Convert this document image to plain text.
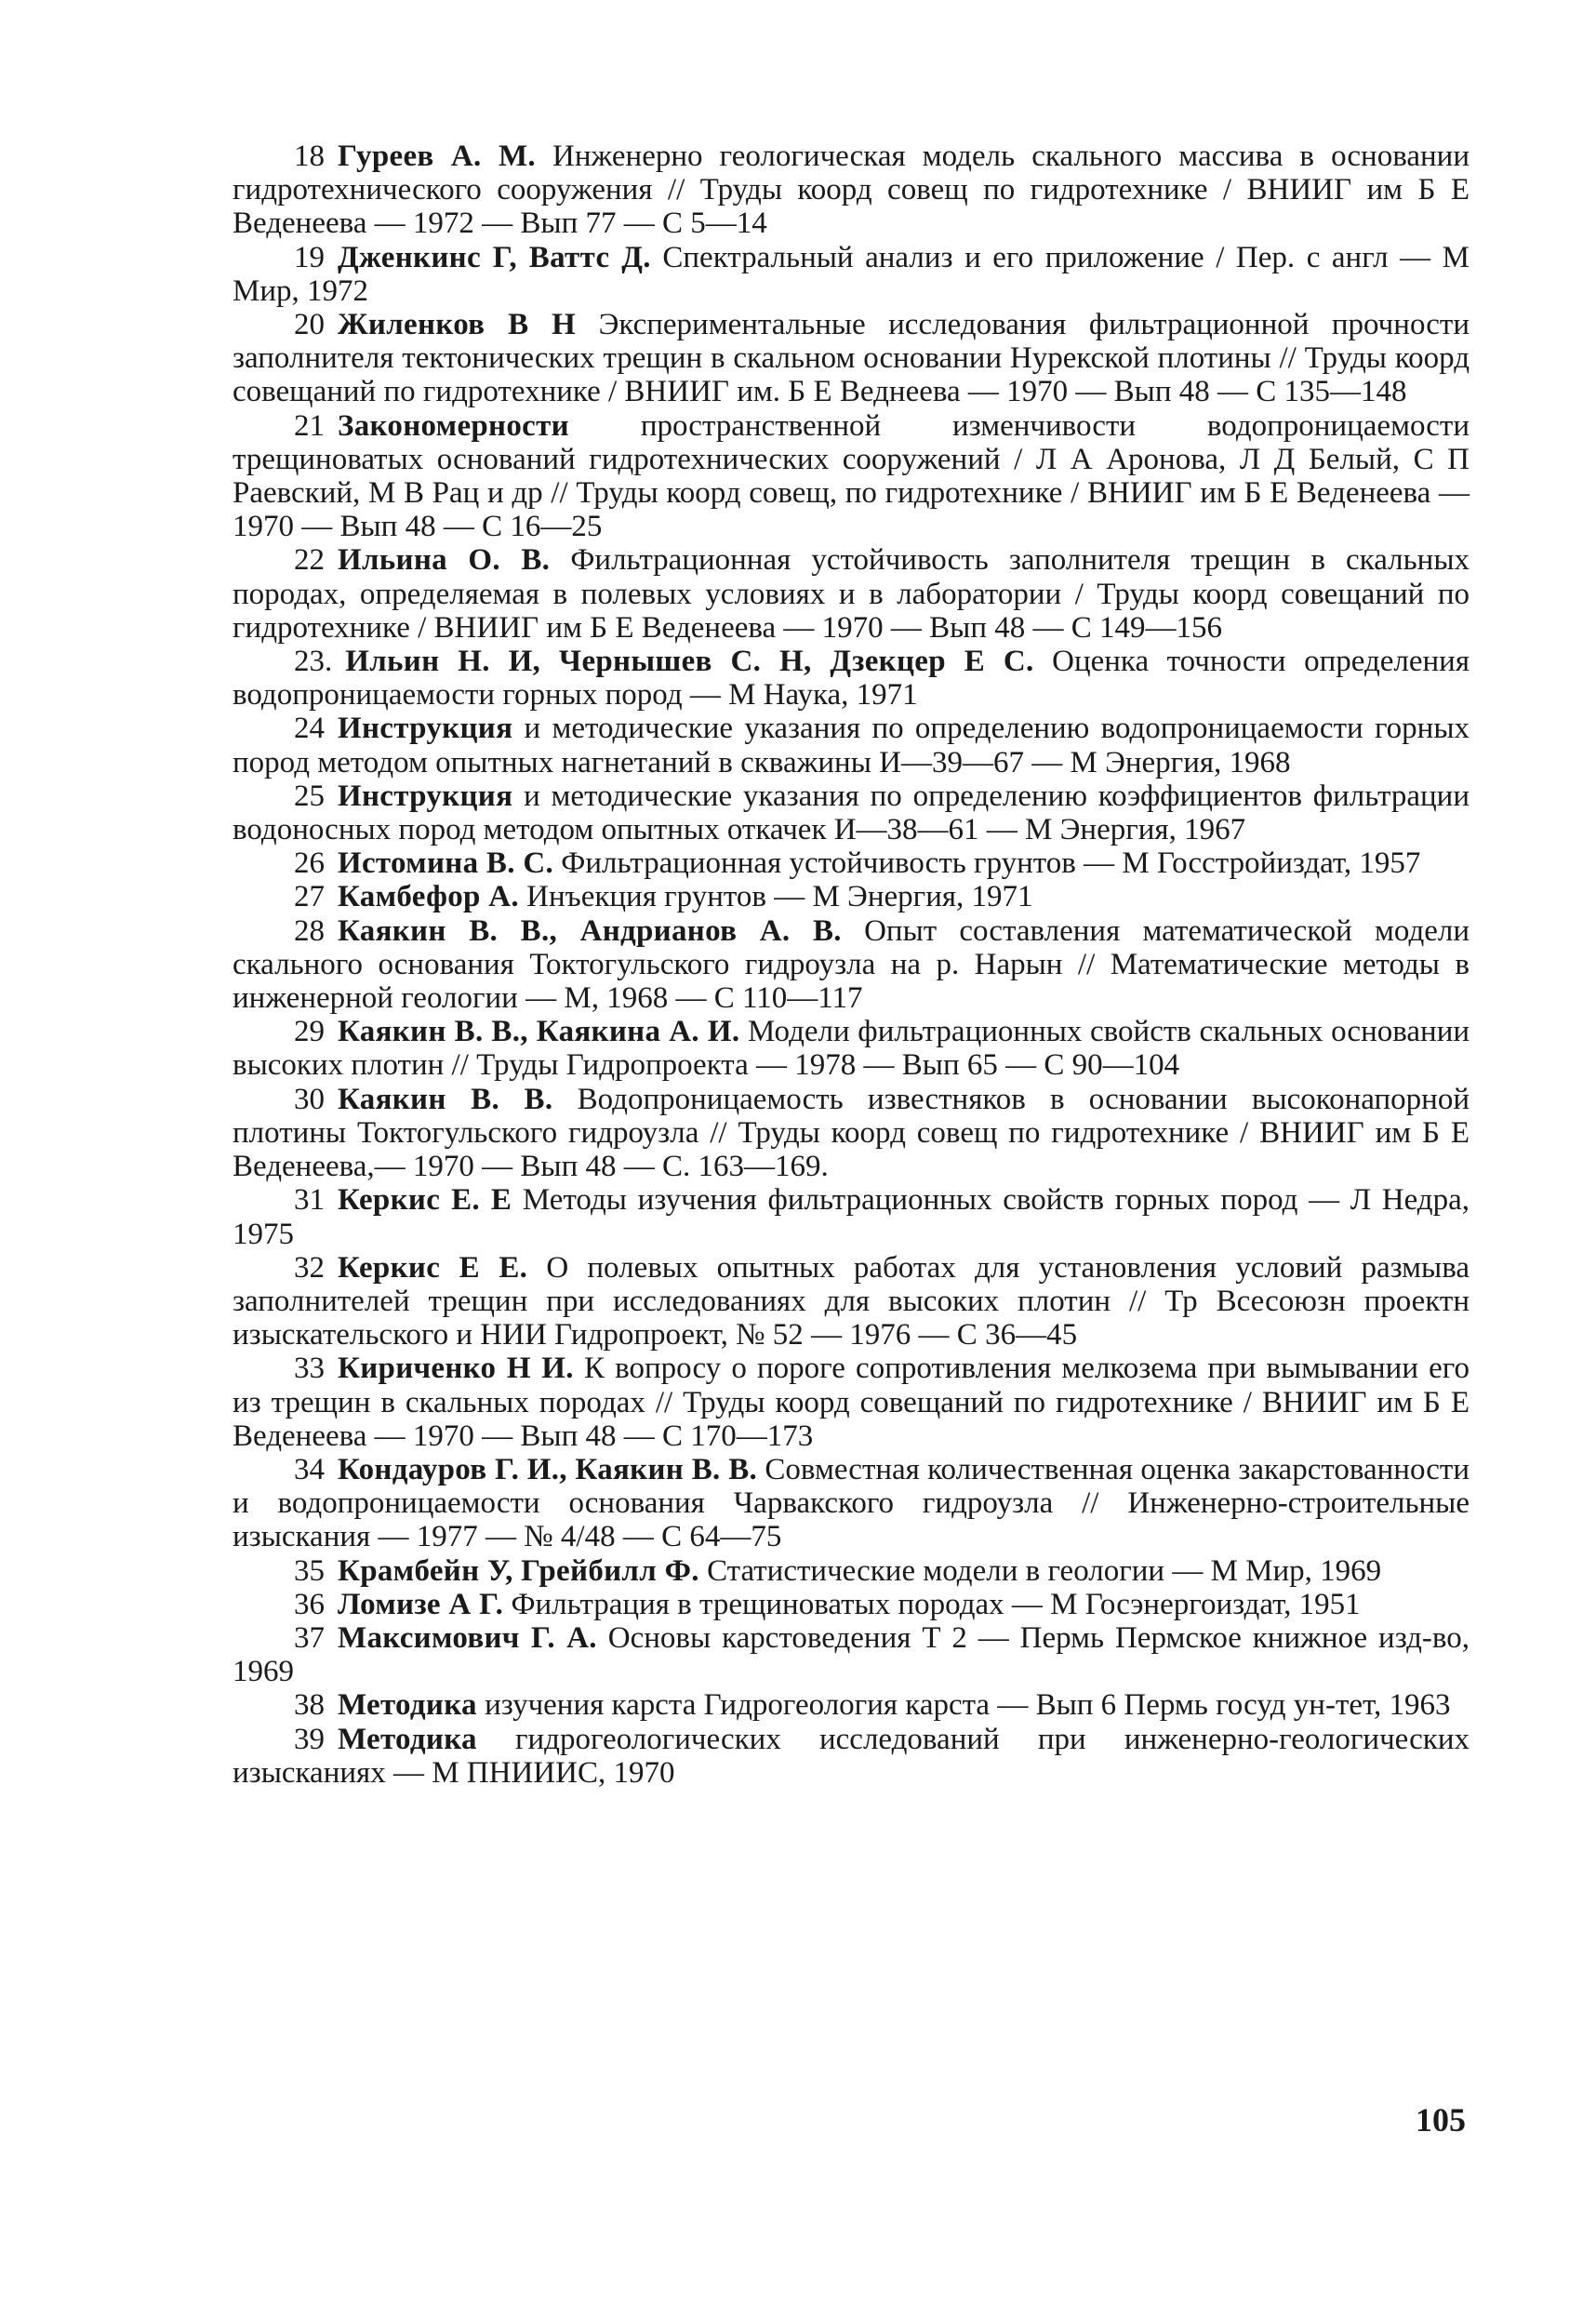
18 Гуреев А. М. Инженерно геологическая модель скального массива в основании гидротехнического сооружения // Труды коорд совещ по гидротехнике / ВНИИГ им Б Е Веденеева — 1972 — Вып 77 — С 5—14

19 Дженкинс Г, Ваттс Д. Спектральный анализ и его приложение / Пер. с англ — М Мир, 1972

20 Жиленков В Н Экспериментальные исследования фильтрационной прочности заполнителя тектонических трещин в скальном основании Нурекской плотины // Труды коорд совещаний по гидротехнике / ВНИИГ им. Б Е Веднеева — 1970 — Вып 48 — С 135—148

21 Закономерности пространственной изменчивости водопроницаемости трещиноватых оснований гидротехнических сооружений / Л А Аронова, Л Д Белый, С П Раевский, М В Рац и др // Труды коорд совещ, по гидротехнике / ВНИИГ им Б Е Веденеева — 1970 — Вып 48 — С 16—25

22 Ильина О. В. Фильтрационная устойчивость заполнителя трещин в скальных породах, определяемая в полевых условиях и в лаборатории / Труды коорд совещаний по гидротехнике / ВНИИГ им Б Е Веденеева — 1970 — Вып 48 — С 149—156

23. Ильин Н. И, Чернышев С. Н, Дзекцер Е С. Оценка точности определения водопроницаемости горных пород — М Наука, 1971

24 Инструкция и методические указания по определению водопроницаемости горных пород методом опытных нагнетаний в скважины И—39—67 — М Энергия, 1968

25 Инструкция и методические указания по определению коэффициентов фильтрации водоносных пород методом опытных откачек И—38—61 — М Энергия, 1967

26 Истомина В. С. Фильтрационная устойчивость грунтов — М Госстройиздат, 1957

27 Камбефор А. Инъекция грунтов — М Энергия, 1971

28 Каякин В. В., Андрианов А. В. Опыт составления математической модели скального основания Токтогульского гидроузла на р. Нарын // Математические методы в инженерной геологии — М, 1968 — С 110—117

29 Каякин В. В., Каякина А. И. Модели фильтрационных свойств скальных основании высоких плотин // Труды Гидропроекта — 1978 — Вып 65 — С 90—104

30 Каякин В. В. Водопроницаемость известняков в основании высоконапорной плотины Токтогульского гидроузла // Труды коорд совещ по гидротехнике / ВНИИГ им Б Е Веденеева,— 1970 — Вып 48 — С. 163—169.

31 Керкис Е. Е Методы изучения фильтрационных свойств горных пород — Л Недра, 1975

32 Керкис Е Е. О полевых опытных работах для установления условий размыва заполнителей трещин при исследованиях для высоких плотин // Тр Всесоюзн проектн изыскательского и НИИ Гидропроект, № 52 — 1976 — С 36—45

33 Кириченко Н И. К вопросу о пороге сопротивления мелкозема при вымывании его из трещин в скальных породах // Труды коорд совещаний по гидротехнике / ВНИИГ им Б Е Веденеева — 1970 — Вып 48 — С 170—173

34 Кондауров Г. И., Каякин В. В. Совместная количественная оценка закарстованности и водопроницаемости основания Чарвакского гидроузла // Инженерно-строительные изыскания — 1977 — № 4/48 — С 64—75

35 Крамбейн У, Грейбилл Ф. Статистические модели в геологии — М Мир, 1969

36 Ломизе А Г. Фильтрация в трещиноватых породах — М Госэнергоиздат, 1951

37 Максимович Г. А. Основы карстоведения Т 2 — Пермь Пермское книжное изд-во, 1969

38 Методика изучения карста Гидрогеология карста — Вып 6 Пермь госуд ун-тет, 1963

39 Методика гидрогеологических исследований при инженерно-геологических изысканиях — М ПНИИИС, 1970

105
